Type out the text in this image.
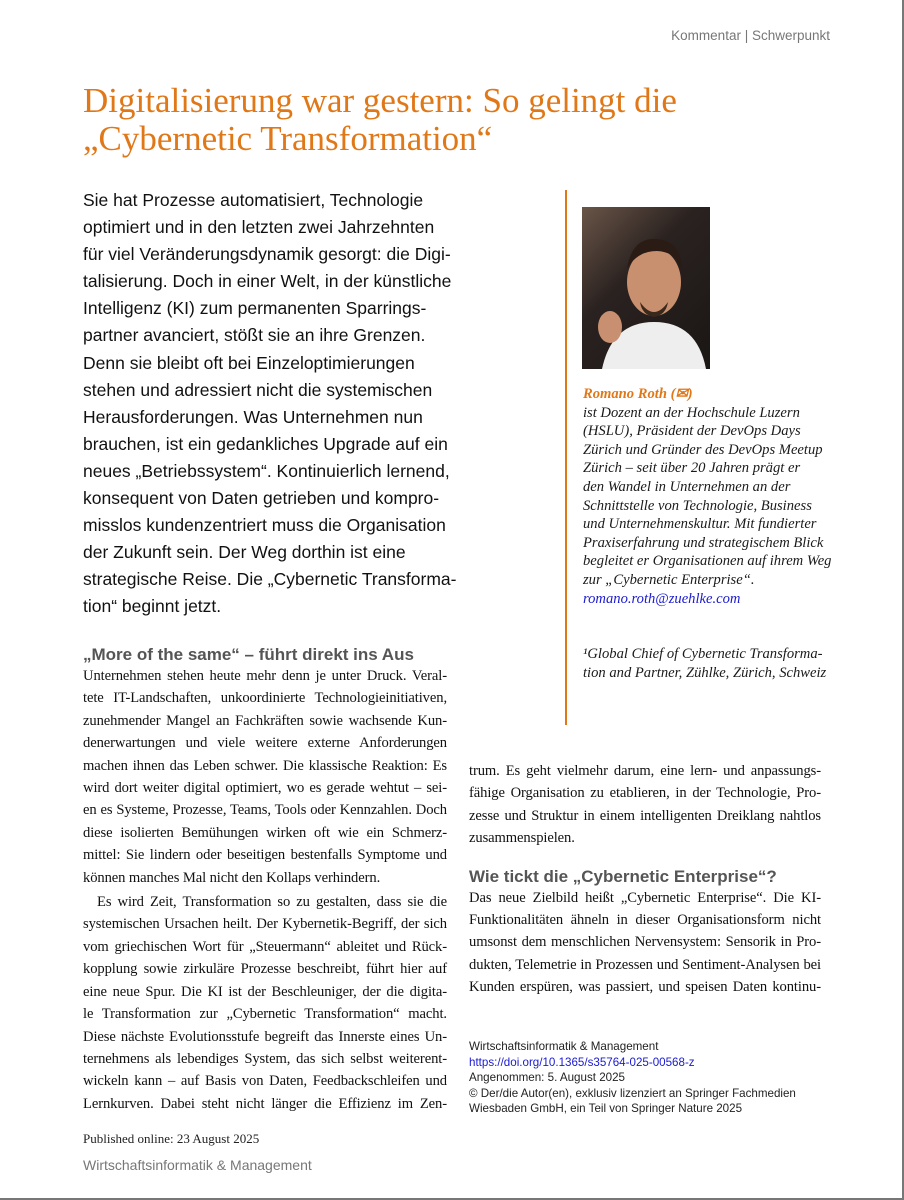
Kommentar | Schwerpunkt
Digitalisierung war gestern: So gelingt die
„Cybernetic Transformation“
Sie hat Prozesse automatisiert, Technologie
optimiert und in den letzten zwei Jahrzehnten
für viel Veränderungsdynamik gesorgt: die Digi-
talisierung. Doch in einer Welt, in der künstliche
Intelligenz (KI) zum permanenten Sparrings-
partner avanciert, stößt sie an ihre Grenzen.
Denn sie bleibt oft bei Einzeloptimierungen
stehen und adressiert nicht die systemischen
Herausforderungen. Was Unternehmen nun
brauchen, ist ein gedankliches Upgrade auf ein
neues „Betriebssystem“. Kontinuierlich lernend,
konsequent von Daten getrieben und kompro-
misslos kundenzentriert muss die Organisation
der Zukunft sein. Der Weg dorthin ist eine
strategische Reise. Die „Cybernetic Transforma-
tion“ beginnt jetzt.
Romano Roth (✉)
ist Dozent an der Hochschule Luzern
(HSLU), Präsident der DevOps Days
Zürich und Gründer des DevOps Meetup
Zürich – seit über 20 Jahren prägt er
den Wandel in Unternehmen an der
Schnittstelle von Technologie, Business
und Unternehmenskultur. Mit fundierter
Praxiserfahrung und strategischem Blick
begleitet er Organisationen auf ihrem Weg
zur „Cybernetic Enterprise“.
romano.roth@zuehlke.com
¹Global Chief of Cybernetic Transforma-
tion and Partner, Zühlke, Zürich, Schweiz
„More of the same“ – führt direkt ins Aus
Unternehmen stehen heute mehr denn je unter Druck. Veral-
tete IT-Landschaften, unkoordinierte Technologieinitiativen,
zunehmender Mangel an Fachkräften sowie wachsende Kun-
denerwartungen und viele weitere externe Anforderungen
machen ihnen das Leben schwer. Die klassische Reaktion: Es
wird dort weiter digital optimiert, wo es gerade wehtut – sei-
en es Systeme, Prozesse, Teams, Tools oder Kennzahlen. Doch
diese isolierten Bemühungen wirken oft wie ein Schmerz-
mittel: Sie lindern oder beseitigen bestenfalls Symptome und
können manches Mal nicht den Kollaps verhindern.
Es wird Zeit, Transformation so zu gestalten, dass sie die
systemischen Ursachen heilt. Der Kybernetik-Begriff, der sich
vom griechischen Wort für „Steuermann“ ableitet und Rück-
kopplung sowie zirkuläre Prozesse beschreibt, führt hier auf
eine neue Spur. Die KI ist der Beschleuniger, der die digita-
le Transformation zur „Cybernetic Transformation“ macht.
Diese nächste Evolutionsstufe begreift das Innerste eines Un-
ternehmens als lebendiges System, das sich selbst weiterent-
wickeln kann – auf Basis von Daten, Feedbackschleifen und
Lernkurven. Dabei steht nicht länger die Effizienz im Zen-
trum. Es geht vielmehr darum, eine lern- und anpassungs-
fähige Organisation zu etablieren, in der Technologie, Pro-
zesse und Struktur in einem intelligenten Dreiklang nahtlos
zusammenspielen.
Wie tickt die „Cybernetic Enterprise“?
Das neue Zielbild heißt „Cybernetic Enterprise“. Die KI-
Funktionalitäten ähneln in dieser Organisationsform nicht
umsonst dem menschlichen Nervensystem: Sensorik in Pro-
dukten, Telemetrie in Prozessen und Sentiment-Analysen bei
Kunden erspüren, was passiert, und speisen Daten kontinu-
Wirtschaftsinformatik & Management
https://doi.org/10.1365/s35764-025-00568-z
Angenommen: 5. August 2025
© Der/die Autor(en), exklusiv lizenziert an Springer Fachmedien
Wiesbaden GmbH, ein Teil von Springer Nature 2025
Published online: 23 August 2025
Wirtschaftsinformatik & Management
